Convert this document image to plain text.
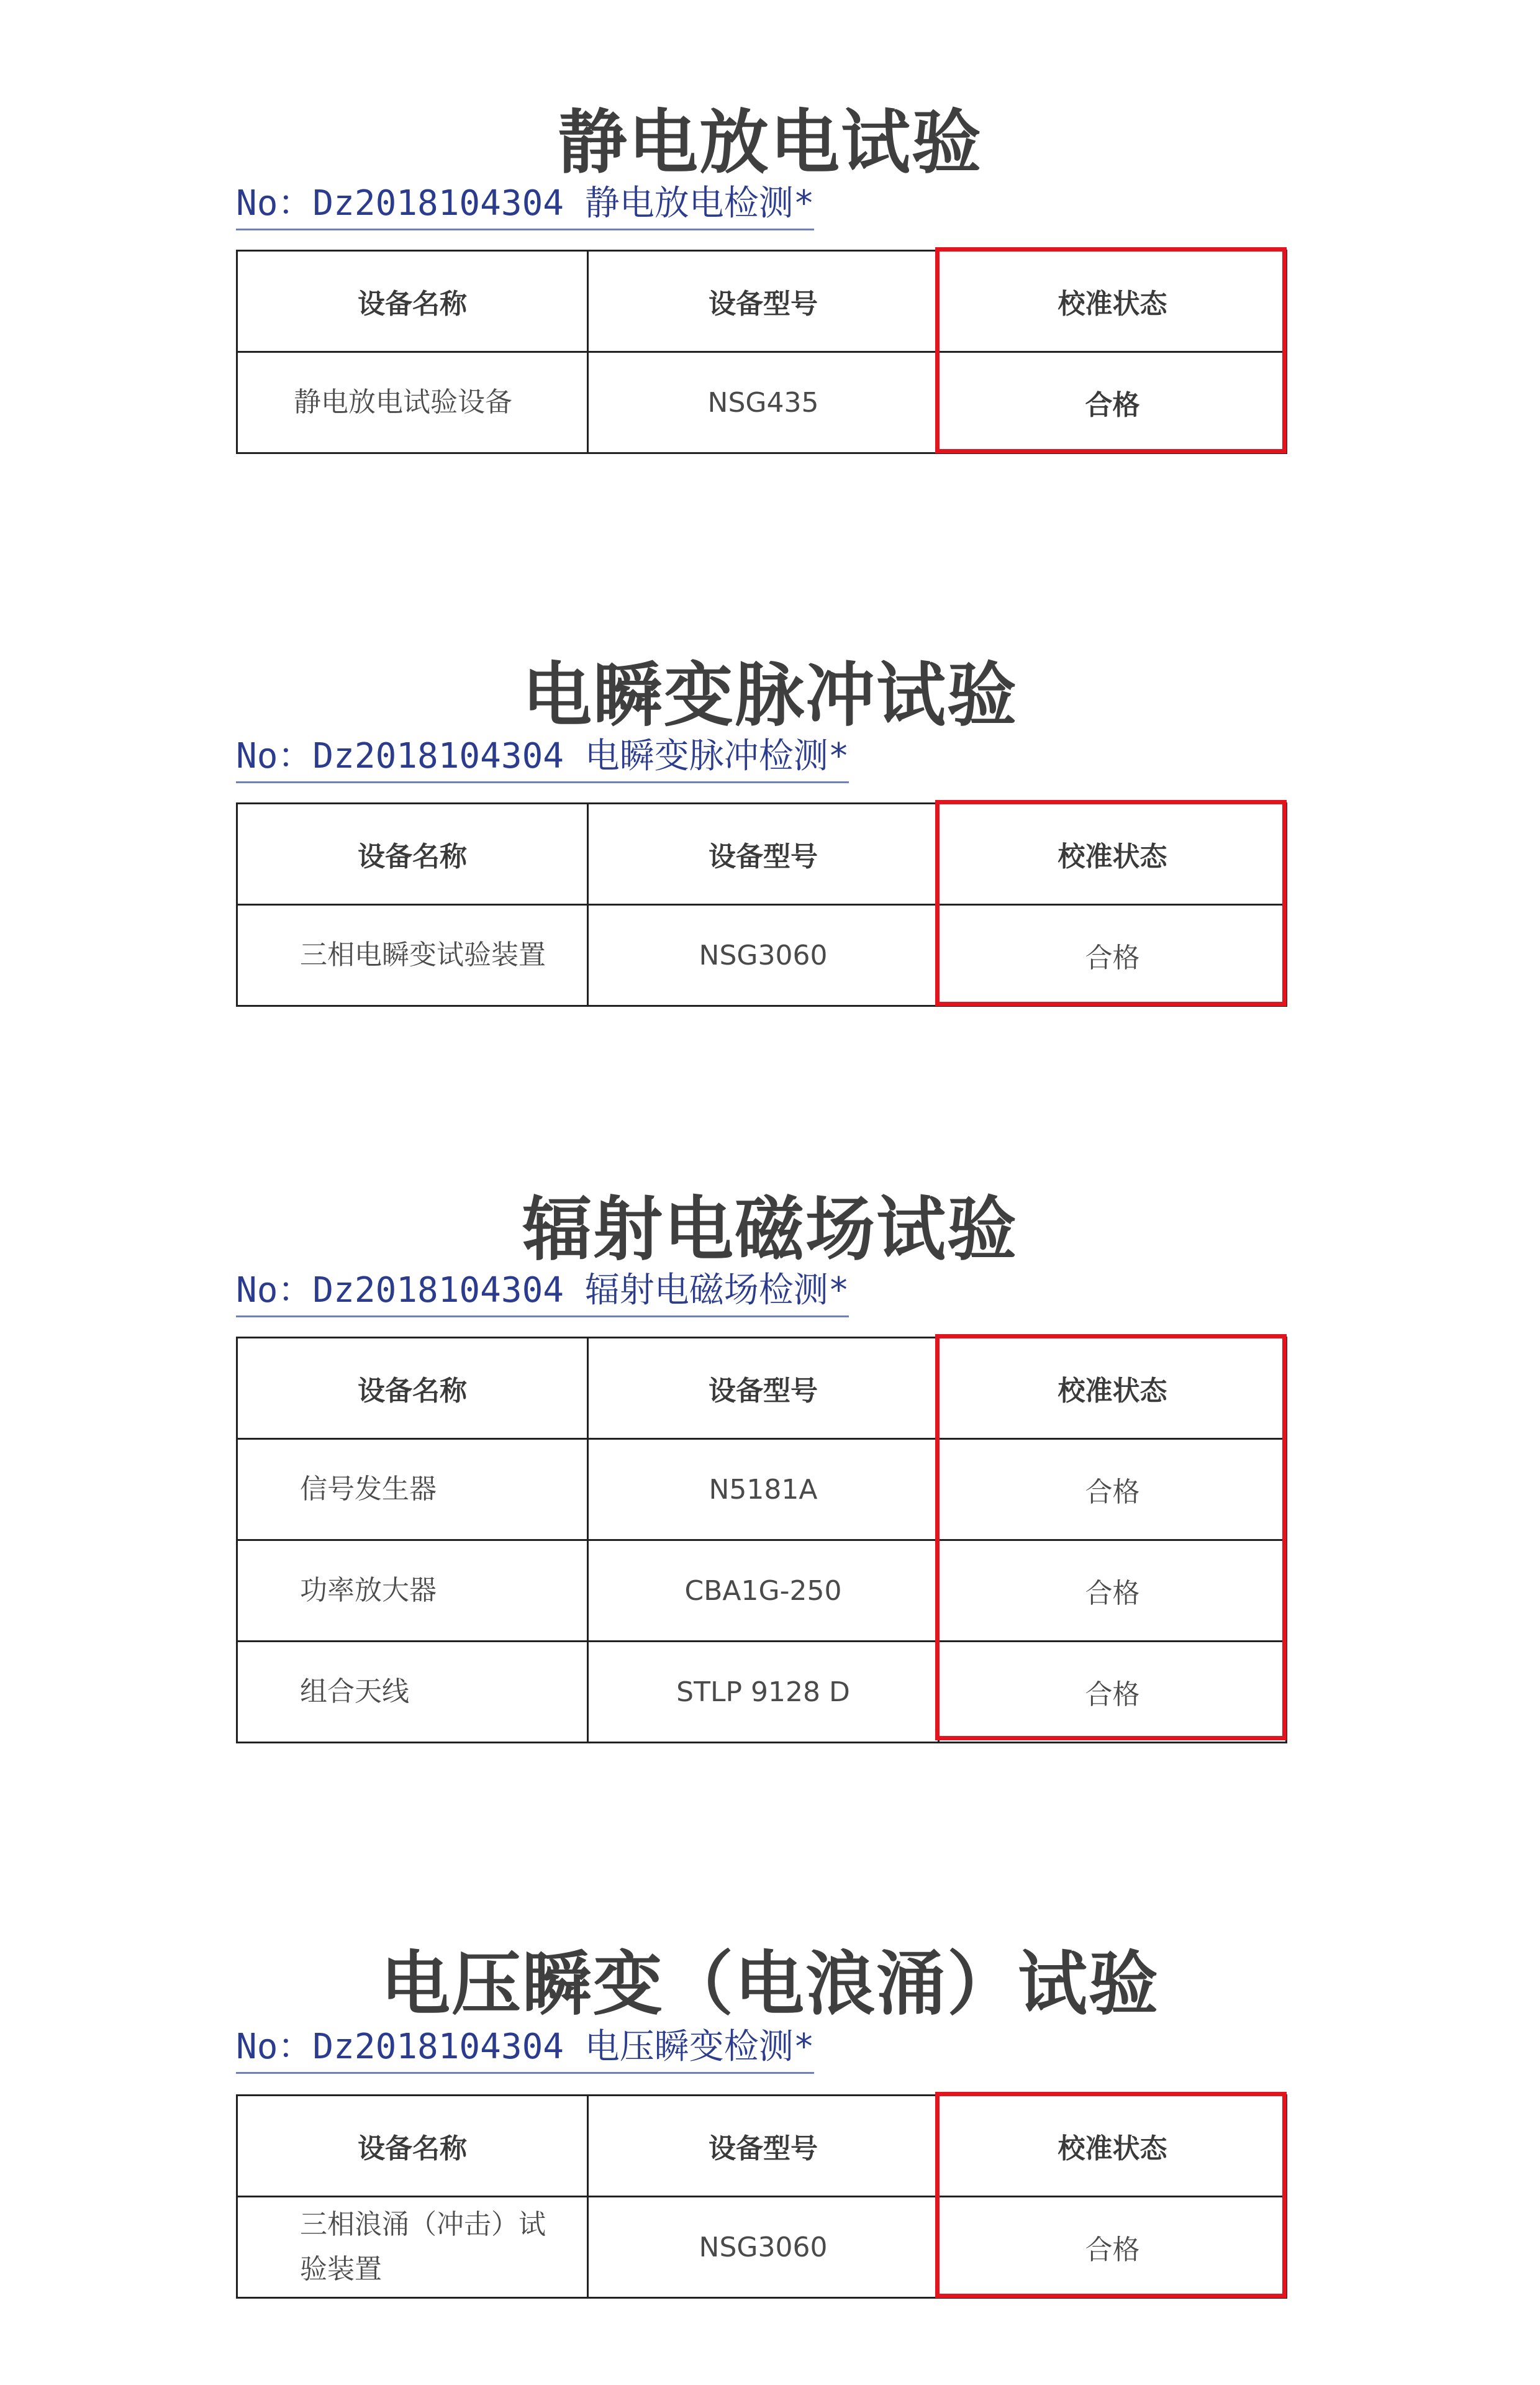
静电放电试验
No：Dz2018104304 静电放电检测*
设备名称	设备型号	校准状态
静电放电试验设备	NSG435	合格
电瞬变脉冲试验
No：Dz2018104304 电瞬变脉冲检测*
设备名称	设备型号	校准状态
三相电瞬变试验装置	NSG3060	合格
辐射电磁场试验
No：Dz2018104304 辐射电磁场检测*
设备名称	设备型号	校准状态
信号发生器	N5181A	合格
功率放大器	CBA1G-250	合格
组合天线	STLP 9128 D	合格
电压瞬变（电浪涌）试验
No：Dz2018104304 电压瞬变检测*
设备名称	设备型号	校准状态
三相浪涌（冲击）试验装置	NSG3060	合格
